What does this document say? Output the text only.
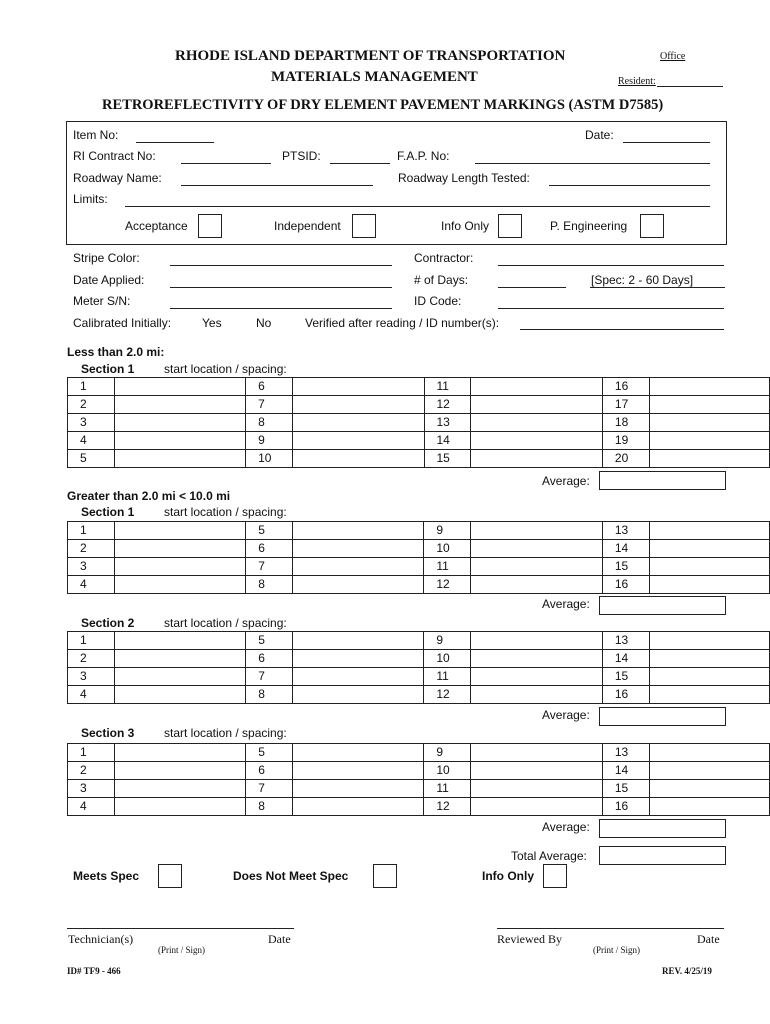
RHODE ISLAND DEPARTMENT OF TRANSPORTATION
MATERIALS MANAGEMENT
Office
Resident:
RETROREFLECTIVITY OF DRY ELEMENT PAVEMENT MARKINGS (ASTM D7585)
Item No:	Date:
RI Contract No:	PTSID:	F.A.P. No:
Roadway Name:	Roadway Length Tested:
Limits:
Acceptance	Independent	Info Only	P. Engineering
Stripe Color:	Contractor:
Date Applied:	# of Days:	[Spec: 2 - 60 Days]
Meter S/N:	ID Code:
Calibrated Initially:	Yes	No	Verified after reading / ID number(s):
Less than 2.0 mi:
Section 1 start location / spacing:
1		6		11		16	
2		7		12		17	
3		8		13		18	
4		9		14		19	
5		10		15		20	
Average:
Greater than 2.0 mi < 10.0 mi
Section 1 start location / spacing:
1		5		9		13	
2		6		10		14	
3		7		11		15	
4		8		12		16	
Average:
Section 2 start location / spacing:
1		5		9		13	
2		6		10		14	
3		7		11		15	
4		8		12		16	
Average:
Section 3 start location / spacing:
1		5		9		13	
2		6		10		14	
3		7		11		15	
4		8		12		16	
Average:
Total Average:
Meets Spec	Does Not Meet Spec	Info Only
Technician(s)
(Print / Sign)
Date	Reviewed By
(Print / Sign)
Date
ID# TF9 - 466	REV. 4/25/19
